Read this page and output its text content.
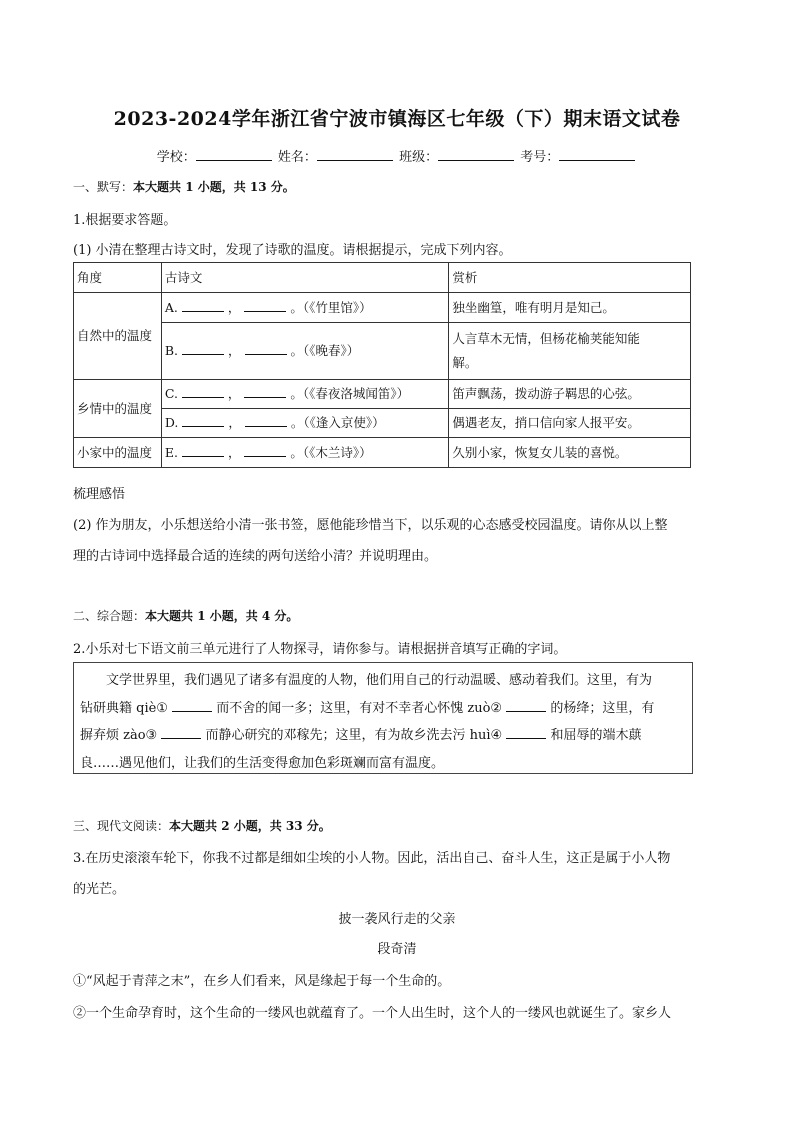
2023-2024学年浙江省宁波市镇海区七年级（下）期末语文试卷
学校：	姓名：	班级：	考号：
一、默写：本大题共 1 小题，共 13 分。
1.根据要求答题。
(1) 小清在整理古诗文时，发现了诗歌的温度。请根据提示，完成下列内容。
角度	古诗文	赏析
自然中的温度	A. ， 。（《竹里馆》）	独坐幽篁，唯有明月是知己。
	B. ， 。（《晚春》）	人言草木无情，但杨花榆荚能知能
解。

乡情中的温度	C. ， 。（《春夜洛城闻笛》）	笛声飘荡，拨动游子羁思的心弦。
	D. ， 。（《逢入京使》）	偶遇老友，捎口信向家人报平安。
小家中的温度	E. ， 。（《木兰诗》）	久别小家，恢复女儿装的喜悦。
梳理感悟
(2) 作为朋友，小乐想送给小清一张书签，愿他能珍惜当下，以乐观的心态感受校园温度。请你从以上整
理的古诗词中选择最合适的连续的两句送给小清？并说明理由。
二、综合题：本大题共 1 小题，共 4 分。
2.小乐对七下语文前三单元进行了人物探寻，请你参与。请根据拼音填写正确的字词。

文学世界里，我们遇见了诸多有温度的人物，他们用自己的行动温暖、感动着我们。这里，有为

钻研典籍 qiè①	而不舍的闻一多；这里，有对不幸者心怀愧 zuò②	的杨绛；这里，有

摒弃烦 zào③	而静心研究的邓稼先；这里，有为故乡洗去污 huì④	和屈辱的端木蕻

良……遇见他们，让我们的生活变得愈加色彩斑斓而富有温度。

三、现代文阅读：本大题共 2 小题，共 33 分。
3.在历史滚滚车轮下，你我不过都是细如尘埃的小人物。因此，活出自己、奋斗人生，这正是属于小人物
的光芒。
披一袭风行走的父亲
段奇清
①“风起于青萍之末”，在乡人们看来，风是缘起于每一个生命的。
②一个生命孕育时，这个生命的一缕风也就蕴育了。一个人出生时，这个人的一缕风也就诞生了。家乡人
